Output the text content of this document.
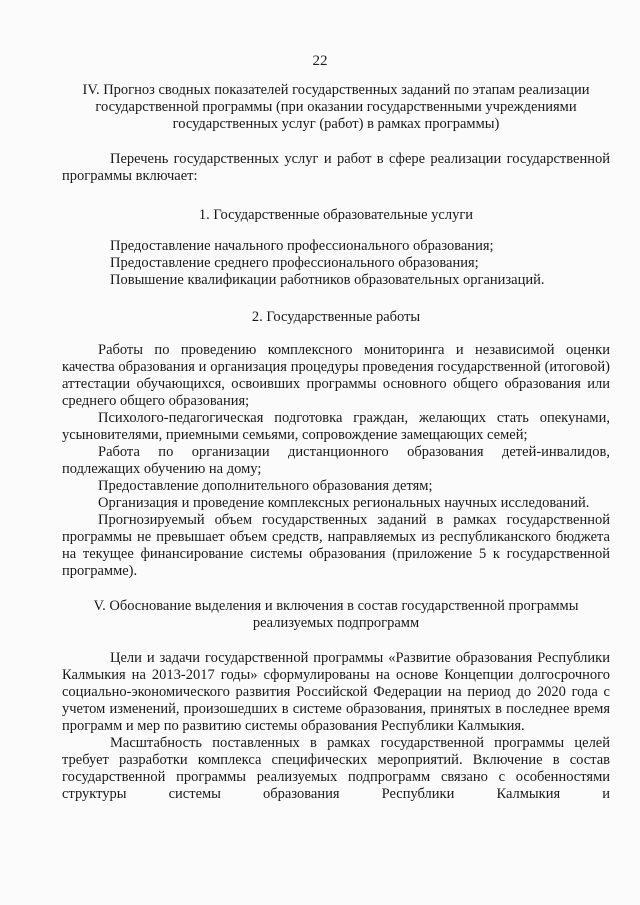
22

IV. Прогноз сводных показателей государственных заданий по этапам реализации государственной программы (при оказании государственными учреждениями государственных услуг (работ) в рамках программы)

Перечень государственных услуг и работ в сфере реализации государственной программы включает:

1. Государственные образовательные услуги

Предоставление начального профессионального образования;

Предоставление среднего профессионального образования;

Повышение квалификации работников образовательных организаций.

2. Государственные работы

Работы по проведению комплексного мониторинга и независимой оценки качества образования и организация процедуры проведения государственной (итоговой) аттестации обучающихся, освоивших программы основного общего образования или среднего общего образования;

Психолого-педагогическая подготовка граждан, желающих стать опекунами, усыновителями, приемными семьями, сопровождение замещающих семей;

Работа по организации дистанционного образования детей-инвалидов, подлежащих обучению на дому;

Предоставление дополнительного образования детям;

Организация и проведение комплексных региональных научных исследований.

Прогнозируемый объем государственных заданий в рамках государственной программы не превышает объем средств, направляемых из республиканского бюджета на текущее финансирование системы образования (приложение 5 к государственной программе).

V. Обоснование выделения и включения в состав государственной программы реализуемых подпрограмм

Цели и задачи государственной программы «Развитие образования Республики Калмыкия на 2013-2017 годы» сформулированы на основе Концепции долгосрочного социально-экономического развития Российской Федерации на период до 2020 года с учетом изменений, произошедших в системе образования, принятых в последнее время программ и мер по развитию системы образования Республики Калмыкия.

Масштабность поставленных в рамках государственной программы целей требует разработки комплекса специфических мероприятий. Включение в состав государственной программы реализуемых подпрограмм связано с особенностями структуры системы образования Республики Калмыкия и
